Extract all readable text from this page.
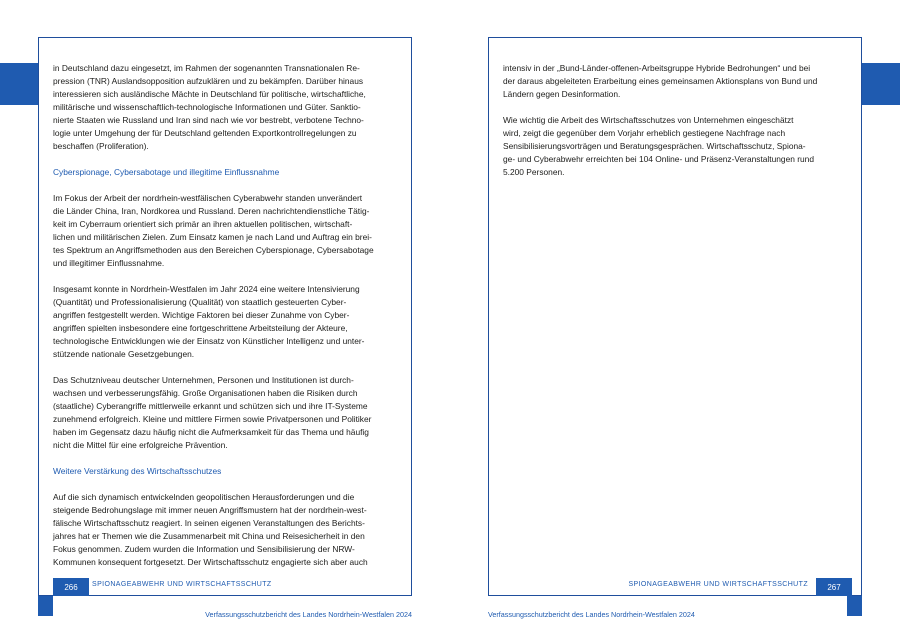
in Deutschland dazu eingesetzt, im Rahmen der sogenannten Transnationalen Re-
pression (TNR) Auslandsopposition aufzuklären und zu bekämpfen. Darüber hinaus
interessieren sich ausländische Mächte in Deutschland für politische, wirtschaftliche,
militärische und wissenschaftlich-technologische Informationen und Güter. Sanktio-
nierte Staaten wie Russland und Iran sind nach wie vor bestrebt, verbotene Techno-
logie unter Umgehung der für Deutschland geltenden Exportkontrollregelungen zu
beschaffen (Proliferation).
Cyberspionage, Cybersabotage und illegitime Einflussnahme
Im Fokus der Arbeit der nordrhein-westfälischen Cyberabwehr standen unverändert
die Länder China, Iran, Nordkorea und Russland. Deren nachrichtendienstliche Tätig-
keit im Cyberraum orientiert sich primär an ihren aktuellen politischen, wirtschaft-
lichen und militärischen Zielen. Zum Einsatz kamen je nach Land und Auftrag ein brei-
tes Spektrum an Angriffsmethoden aus den Bereichen Cyberspionage, Cybersabotage
und illegitimer Einflussnahme.
Insgesamt konnte in Nordrhein-Westfalen im Jahr 2024 eine weitere Intensivierung
(Quantität) und Professionalisierung (Qualität) von staatlich gesteuerten Cyber-
angriffen festgestellt werden. Wichtige Faktoren bei dieser Zunahme von Cyber-
angriffen spielten insbesondere eine fortgeschrittene Arbeitsteilung der Akteure,
technologische Entwicklungen wie der Einsatz von Künstlicher Intelligenz und unter-
stützende nationale Gesetzgebungen.
Das Schutzniveau deutscher Unternehmen, Personen und Institutionen ist durch-
wachsen und verbesserungsfähig. Große Organisationen haben die Risiken durch
(staatliche) Cyberangriffe mittlerweile erkannt und schützen sich und ihre IT-Systeme
zunehmend erfolgreich. Kleine und mittlere Firmen sowie Privatpersonen und Politiker
haben im Gegensatz dazu häufig nicht die Aufmerksamkeit für das Thema und häufig
nicht die Mittel für eine erfolgreiche Prävention.
Weitere Verstärkung des Wirtschaftsschutzes
Auf die sich dynamisch entwickelnden geopolitischen Herausforderungen und die
steigende Bedrohungslage mit immer neuen Angriffsmustern hat der nordrhein-west-
fälische Wirtschaftsschutz reagiert. In seinen eigenen Veranstaltungen des Berichts-
jahres hat er Themen wie die Zusammenarbeit mit China und Reisesicherheit in den
Fokus genommen. Zudem wurden die Information und Sensibilisierung der NRW-
Kommunen konsequent fortgesetzt. Der Wirtschaftsschutz engagierte sich aber auch
intensiv in der „Bund-Länder-offenen-Arbeitsgruppe Hybride Bedrohungen“ und bei
der daraus abgeleiteten Erarbeitung eines gemeinsamen Aktionsplans von Bund und
Ländern gegen Desinformation.
Wie wichtig die Arbeit des Wirtschaftsschutzes von Unternehmen eingeschätzt
wird, zeigt die gegenüber dem Vorjahr erheblich gestiegene Nachfrage nach
Sensibilisierungsvorträgen und Beratungsgesprächen. Wirtschaftsschutz, Spiona-
ge- und Cyberabwehr erreichten bei 104 Online- und Präsenz-Veranstaltungen rund
5.200 Personen.
266	SPIONAGEABWEHR UND WIRTSCHAFTSSCHUTZ	267
SPIONAGEABWEHR UND WIRTSCHAFTSSCHUTZ
Verfassungsschutzbericht des Landes Nordrhein-Westfalen 2024	Verfassungsschutzbericht des Landes Nordrhein-Westfalen 2024
